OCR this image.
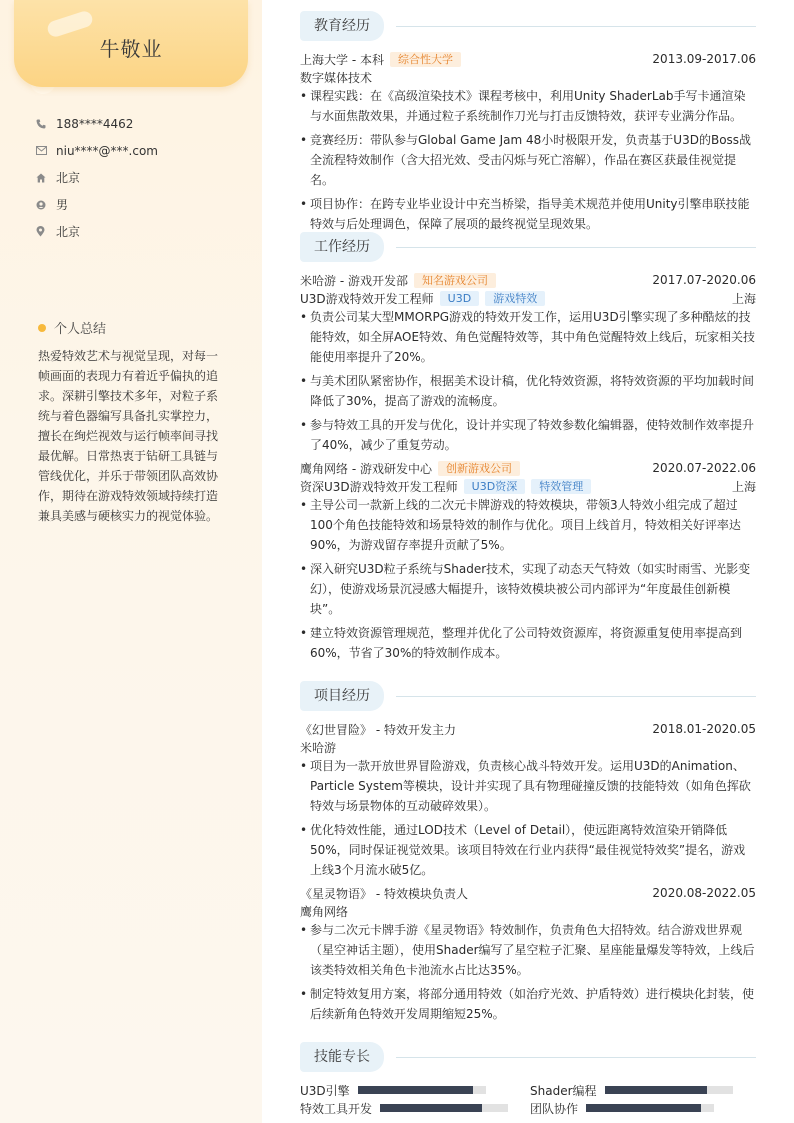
牛敬业
188****4462
niu****@***.com
北京
男
北京
个人总结
热爱特效艺术与视觉呈现，对每一帧画面的表现力有着近乎偏执的追求。深耕引擎技术多年，对粒子系统与着色器编写具备扎实掌控力，擅长在绚烂视效与运行帧率间寻找最优解。日常热衷于钻研工具链与管线优化，并乐于带领团队高效协作，期待在游戏特效领域持续打造兼具美感与硬核实力的视觉体验。
教育经历
上海大学 - 本科	综合性大学	2013.09-2017.06
数字媒体技术
• 课程实践：在《高级渲染技术》课程考核中，利用Unity ShaderLab手写卡通渲染与水面焦散效果，并通过粒子系统制作刀光与打击反馈特效，获评专业满分作品。
• 竞赛经历：带队参与Global Game Jam 48小时极限开发，负责基于U3D的Boss战全流程特效制作（含大招光效、受击闪烁与死亡溶解），作品在赛区获最佳视觉提名。
• 项目协作：在跨专业毕业设计中充当桥梁，指导美术规范并使用Unity引擎串联技能特效与后处理调色，保障了展项的最终视觉呈现效果。
工作经历
米哈游 - 游戏开发部	知名游戏公司	2017.07-2020.06
U3D游戏特效开发工程师	U3D	游戏特效	上海
• 负责公司某大型MMORPG游戏的特效开发工作，运用U3D引擎实现了多种酷炫的技能特效，如全屏AOE特效、角色觉醒特效等，其中角色觉醒特效上线后，玩家相关技能使用率提升了20%。
• 与美术团队紧密协作，根据美术设计稿，优化特效资源，将特效资源的平均加载时间降低了30%，提高了游戏的流畅度。
• 参与特效工具的开发与优化，设计并实现了特效参数化编辑器，使特效制作效率提升了40%，减少了重复劳动。
鹰角网络 - 游戏研发中心	创新游戏公司	2020.07-2022.06
资深U3D游戏特效开发工程师	U3D资深	特效管理	上海
• 主导公司一款新上线的二次元卡牌游戏的特效模块，带领3人特效小组完成了超过100个角色技能特效和场景特效的制作与优化。项目上线首月，特效相关好评率达90%，为游戏留存率提升贡献了5%。
• 深入研究U3D粒子系统与Shader技术，实现了动态天气特效（如实时雨雪、光影变幻），使游戏场景沉浸感大幅提升，该特效模块被公司内部评为“年度最佳创新模块”。
• 建立特效资源管理规范，整理并优化了公司特效资源库，将资源重复使用率提高到60%，节省了30%的特效制作成本。
项目经历
《幻世冒险》 - 特效开发主力	2018.01-2020.05
米哈游
• 项目为一款开放世界冒险游戏，负责核心战斗特效开发。运用U3D的Animation、Particle System等模块，设计并实现了具有物理碰撞反馈的技能特效（如角色挥砍特效与场景物体的互动破碎效果）。
• 优化特效性能，通过LOD技术（Level of Detail），使远距离特效渲染开销降低50%，同时保证视觉效果。该项目特效在行业内获得“最佳视觉特效奖”提名，游戏上线3个月流水破5亿。
《星灵物语》 - 特效模块负责人	2020.08-2022.05
鹰角网络
• 参与二次元卡牌手游《星灵物语》特效制作，负责角色大招特效。结合游戏世界观（星空神话主题），使用Shader编写了星空粒子汇聚、星座能量爆发等特效，上线后该类特效相关角色卡池流水占比达35%。
• 制定特效复用方案，将部分通用特效（如治疗光效、护盾特效）进行模块化封装，使后续新角色特效开发周期缩短25%。
技能专长
U3D引擎	Shader编程
特效工具开发	团队协作
